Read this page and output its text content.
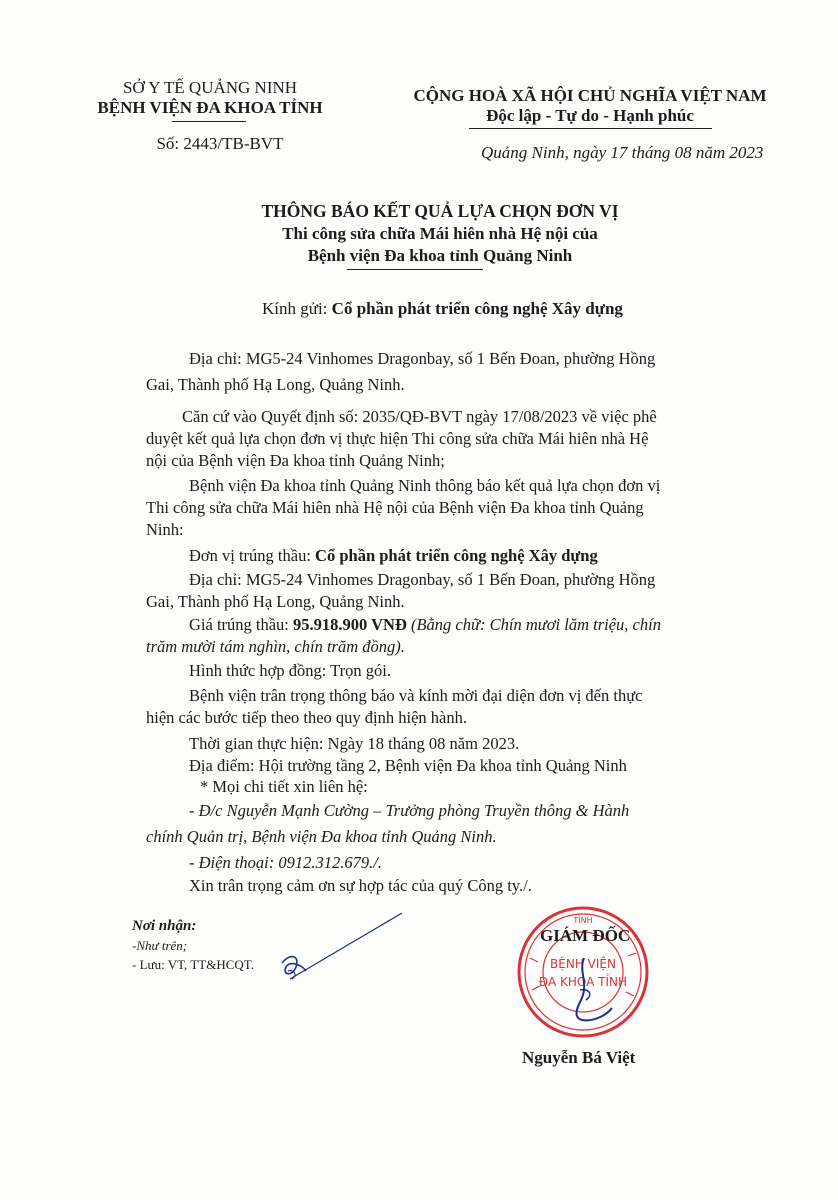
SỞ Y TẾ QUẢNG NINH
BỆNH VIỆN ĐA KHOA TỈNH
Số: 2443/TB-BVT
CỘNG HOÀ XÃ HỘI CHỦ NGHĨA VIỆT NAM
Độc lập - Tự do - Hạnh phúc
Quảng Ninh, ngày 17 tháng 08 năm 2023
THÔNG BÁO KẾT QUẢ LỰA CHỌN ĐƠN VỊ
Thi công sửa chữa Mái hiên nhà Hệ nội của
Bệnh viện Đa khoa tỉnh Quảng Ninh
Kính gửi: Cổ phần phát triển công nghệ Xây dựng
Địa chỉ: MG5-24 Vinhomes Dragonbay, số 1 Bến Đoan, phường Hồng
Gai, Thành phố Hạ Long, Quảng Ninh.
Căn cứ vào Quyết định số: 2035/QĐ-BVT ngày 17/08/2023 về việc phê
duyệt kết quả lựa chọn đơn vị thực hiện Thi công sửa chữa Mái hiên nhà Hệ
nội của Bệnh viện Đa khoa tỉnh Quảng Ninh;
Bệnh viện Đa khoa tỉnh Quảng Ninh thông báo kết quả lựa chọn đơn vị
Thi công sửa chữa Mái hiên nhà Hệ nội của Bệnh viện Đa khoa tỉnh Quảng
Ninh:
Đơn vị trúng thầu: Cổ phần phát triển công nghệ Xây dựng
Địa chỉ: MG5-24 Vinhomes Dragonbay, số 1 Bến Đoan, phường Hồng
Gai, Thành phố Hạ Long, Quảng Ninh.
Giá trúng thầu: 95.918.900 VNĐ (Bằng chữ: Chín mươi lăm triệu, chín
trăm mười tám nghìn, chín trăm đồng).
Hình thức hợp đồng: Trọn gói.
Bệnh viện trân trọng thông báo và kính mời đại diện đơn vị đến thực
hiện các bước tiếp theo theo quy định hiện hành.
Thời gian thực hiện: Ngày 18 tháng 08 năm 2023.
Địa điểm: Hội trường tầng 2, Bệnh viện Đa khoa tỉnh Quảng Ninh
* Mọi chi tiết xin liên hệ:
- Đ/c Nguyễn Mạnh Cường – Trưởng phòng Truyền thông & Hành
chính Quản trị, Bệnh viện Đa khoa tỉnh Quảng Ninh.
- Điện thoại: 0912.312.679./.
Xin trân trọng cảm ơn sự hợp tác của quý Công ty./.
Nơi nhận:
-Như trên;
- Lưu: VT, TT&HCQT.
TỈNH
BỆNH VIỆN
ĐA KHOA TỈNH
GIÁM ĐỐC
Nguyễn Bá Việt
